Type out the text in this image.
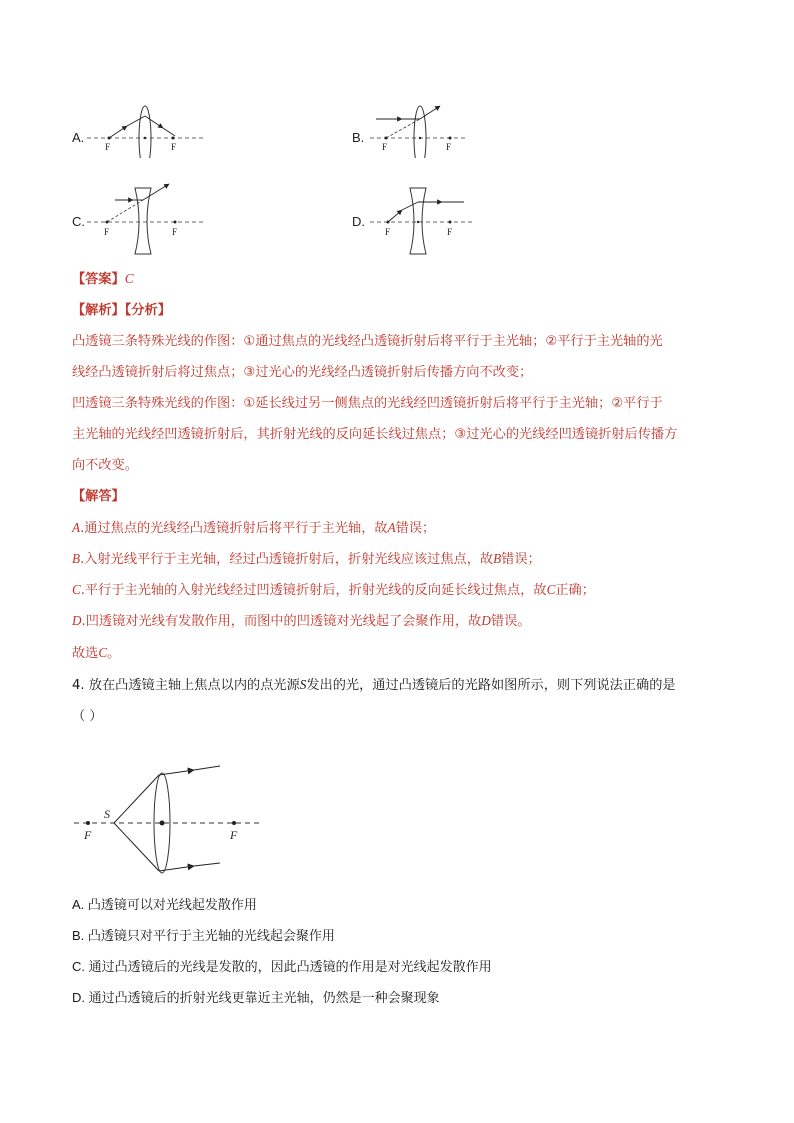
A.
F	F
B.
F	F
C.
F	F
D.
F	F
【答案】C
【解析】【分析】
凸透镜三条特殊光线的作图：①通过焦点的光线经凸透镜折射后将平行于主光轴；②平行于主光轴的光
线经凸透镜折射后将过焦点；③过光心的光线经凸透镜折射后传播方向不改变；
凹透镜三条特殊光线的作图：①延长线过另一侧焦点的光线经凹透镜折射后将平行于主光轴；②平行于
主光轴的光线经凹透镜折射后，其折射光线的反向延长线过焦点；③过光心的光线经凹透镜折射后传播方
向不改变。
【解答】
A.通过焦点的光线经凸透镜折射后将平行于主光轴，故A错误；
B.入射光线平行于主光轴，经过凸透镜折射后，折射光线应该过焦点，故B错误；
C.平行于主光轴的入射光线经过凹透镜折射后，折射光线的反向延长线过焦点，故C正确；
D.凹透镜对光线有发散作用，而图中的凹透镜对光线起了会聚作用，故D错误。
故选C。
4. 放在凸透镜主轴上焦点以内的点光源S发出的光，通过凸透镜后的光路如图所示，则下列说法正确的是
（ ）
F	F
S
A. 凸透镜可以对光线起发散作用
B. 凸透镜只对平行于主光轴的光线起会聚作用
C. 通过凸透镜后的光线是发散的，因此凸透镜的作用是对光线起发散作用
D. 通过凸透镜后的折射光线更靠近主光轴，仍然是一种会聚现象
